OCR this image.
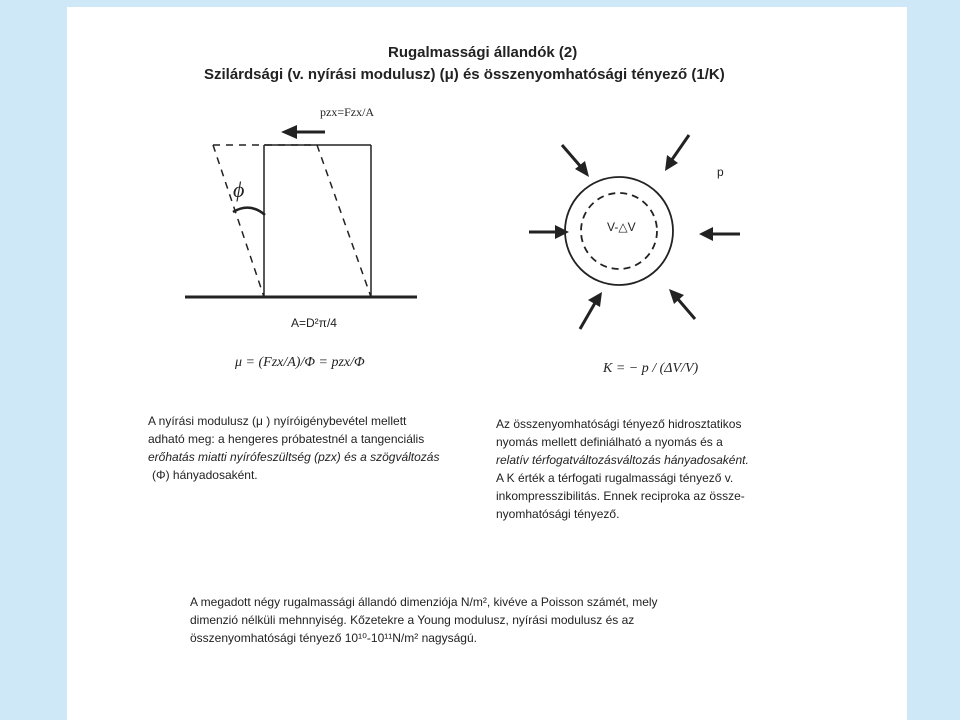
Rugalmassági állandók (2)
Szilárdsági (v. nyírási modulusz) (μ) és összenyomhatósági tényező (1/K)
pzx=Fzx/A
ϕ
A=D²π/4
μ = (Fzx/A)/Φ = pzx/Φ
p
V-△V
K = − p / (ΔV/V)
A nyírási modulusz (μ ) nyíróigénybevétel mellett
adható meg: a hengeres próbatestnél a tangenciális
erőhatás miatti nyírófeszültség (pzx) és a szögváltozás
(Φ) hányadosaként.
Az összenyomhatósági tényező hidrosztatikos
nyomás mellett definiálható a nyomás és a
relatív térfogatváltozásváltozás hányadosaként.
A K érték a térfogati rugalmassági tényező v.
inkompresszibilitás. Ennek reciproka az össze-
nyomhatósági tényező.
A megadott négy rugalmassági állandó dimenziója N/m², kivéve a Poisson számét, mely
dimenzió nélküli mehnnyiség. Kőzetekre a Young modulusz, nyírási modulusz és az
összenyomhatósági tényező 10¹⁰-10¹¹N/m² nagyságú.
